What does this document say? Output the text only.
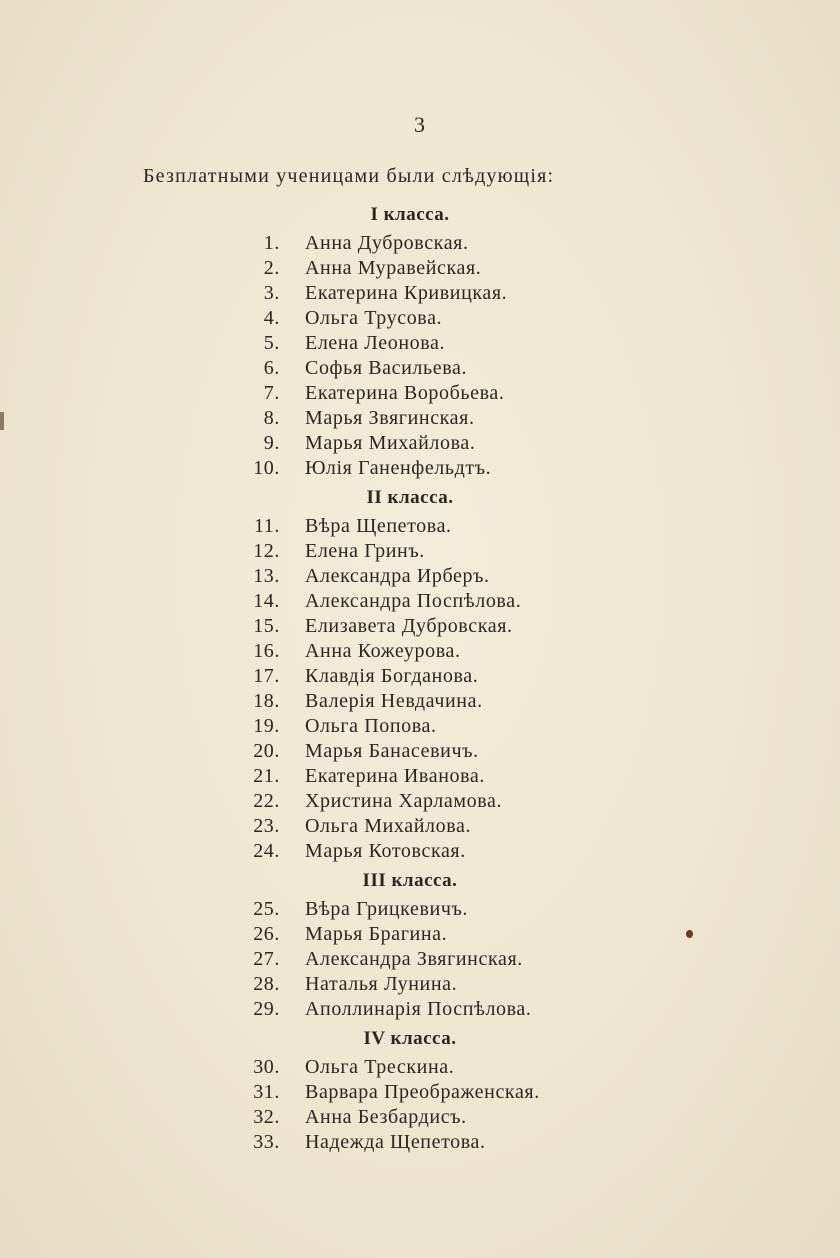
3
Безплатными ученицами были слѣдующія:
I класса.
1. Анна Дубровская.
2. Анна Муравейская.
3. Екатерина Кривицкая.
4. Ольга Трусова.
5. Елена Леонова.
6. Софья Васильева.
7. Екатерина Воробьева.
8. Марья Звягинская.
9. Марья Михайлова.
10. Юлія Ганенфельдтъ.
II класса.
11. Вѣра Щепетова.
12. Елена Гринъ.
13. Александра Ирберъ.
14. Александра Поспѣлова.
15. Елизавета Дубровская.
16. Анна Кожеурова.
17. Клавдія Богданова.
18. Валерія Невдачина.
19. Ольга Попова.
20. Марья Банасевичъ.
21. Екатерина Иванова.
22. Христина Харламова.
23. Ольга Михайлова.
24. Марья Котовская.
III класса.
25. Вѣра Грицкевичъ.
26. Марья Брагина.
27. Александра Звягинская.
28. Наталья Лунина.
29. Аполлинарія Поспѣлова.
IV класса.
30. Ольга Трескина.
31. Варвара Преображенская.
32. Анна Безбардисъ.
33. Надежда Щепетова.
